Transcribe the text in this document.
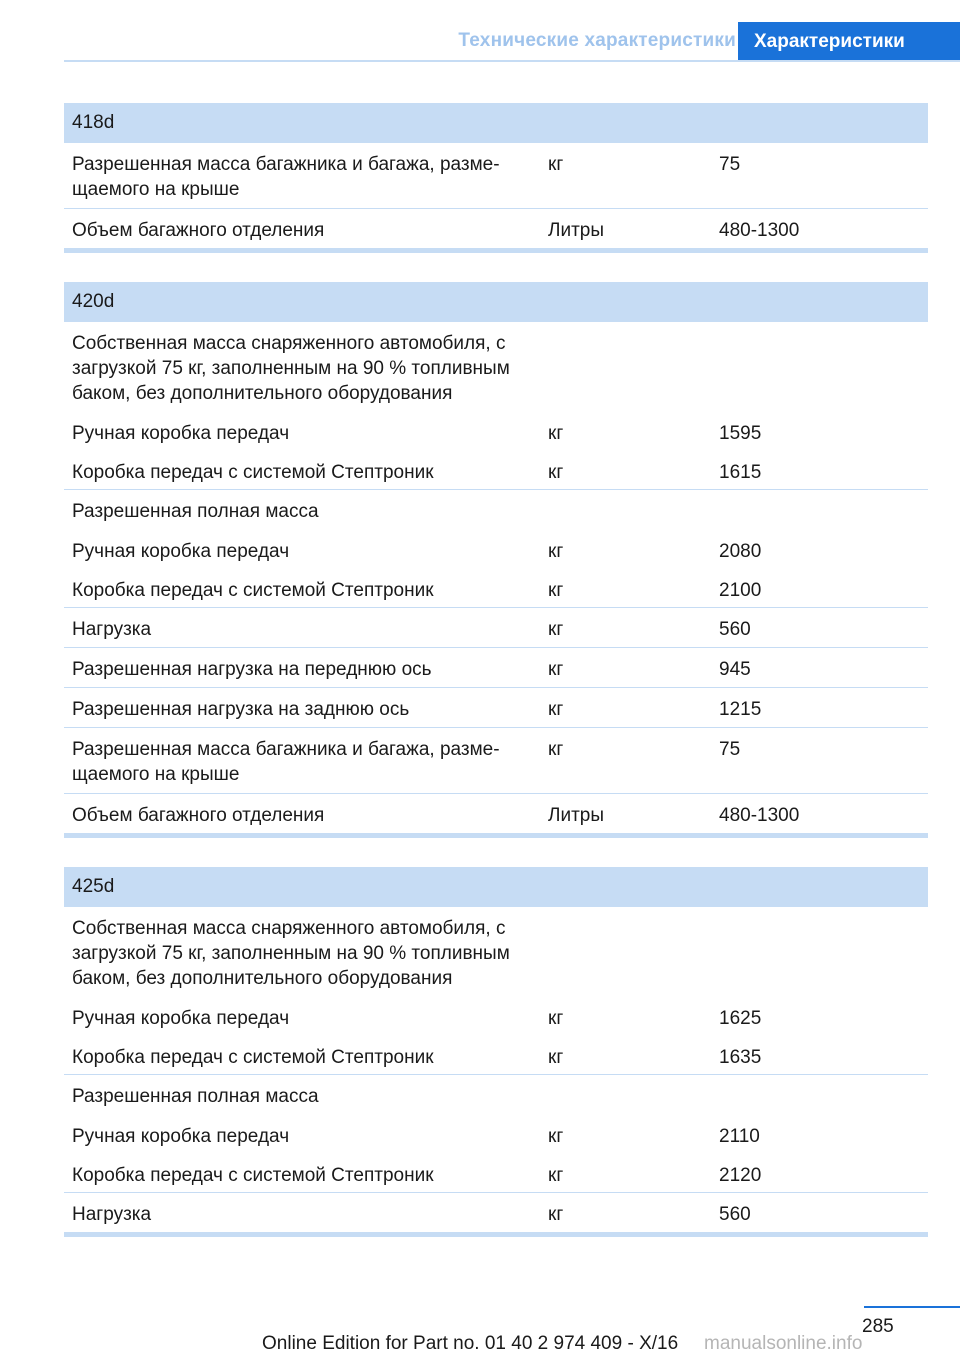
Технические характеристики Характеристики
418d
Разрешенная масса багажника и багажа, разме-
щаемого на крыше
кг	75
Объем багажного отделения	Литры	480-1300
420d
Собственная масса снаряженного автомобиля, с
загрузкой 75 кг, заполненным на 90 % топливным
баком, без дополнительного оборудования
Ручная коробка передач	кг	1595
Коробка передач с системой Стептроник	кг	1615
Разрешенная полная масса
Ручная коробка передач	кг	2080
Коробка передач с системой Стептроник	кг	2100
Нагрузка	кг	560
Разрешенная нагрузка на переднюю ось	кг	945
Разрешенная нагрузка на заднюю ось	кг	1215
Разрешенная масса багажника и багажа, разме-
щаемого на крыше
кг	75
Объем багажного отделения	Литры	480-1300
425d
Собственная масса снаряженного автомобиля, с
загрузкой 75 кг, заполненным на 90 % топливным
баком, без дополнительного оборудования
Ручная коробка передач	кг	1625
Коробка передач с системой Стептроник	кг	1635
Разрешенная полная масса
Ручная коробка передач	кг	2110
Коробка передач с системой Стептроник	кг	2120
Нагрузка	кг	560
285
Online Edition for Part no. 01 40 2 974 409 - X/16 manualsonline.info
